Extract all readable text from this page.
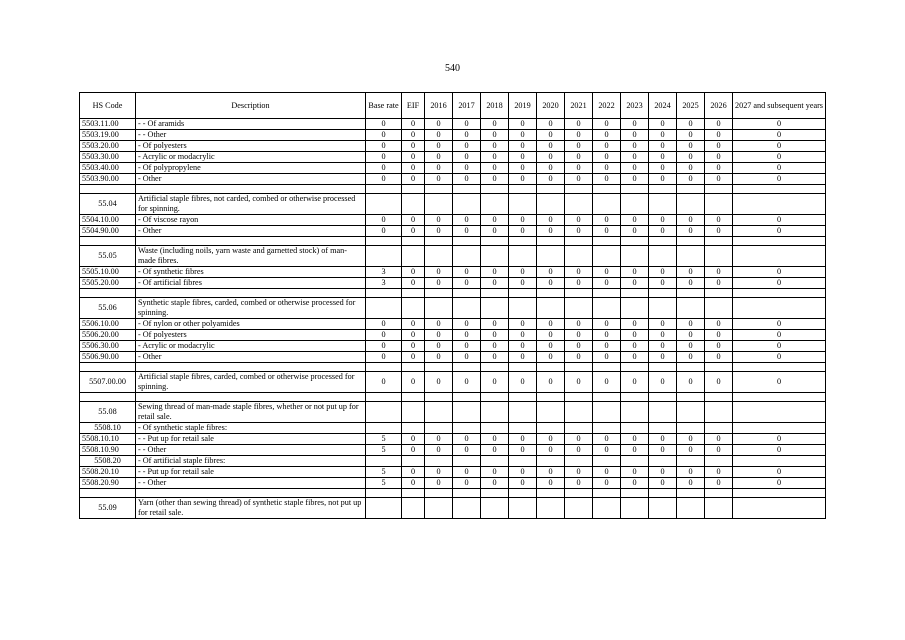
540
HS Code	Description	Base rate	EIF	2016	2017	2018	2019	2020	2021	2022	2023	2024	2025	2026	2027 and subsequent years
5503.11.00	- - Of aramids	0	0	0	0	0	0	0	0	0	0	0	0	0	0
5503.19.00	- - Other	0	0	0	0	0	0	0	0	0	0	0	0	0	0
5503.20.00	- Of polyesters	0	0	0	0	0	0	0	0	0	0	0	0	0	0
5503.30.00	- Acrylic or modacrylic	0	0	0	0	0	0	0	0	0	0	0	0	0	0
5503.40.00	- Of polypropylene	0	0	0	0	0	0	0	0	0	0	0	0	0	0
5503.90.00	- Other	0	0	0	0	0	0	0	0	0	0	0	0	0	0

55.04	Artificial staple fibres, not carded, combed or otherwise processed for spinning.														
5504.10.00	- Of viscose rayon	0	0	0	0	0	0	0	0	0	0	0	0	0	0
5504.90.00	- Other	0	0	0	0	0	0	0	0	0	0	0	0	0	0

55.05	Waste (including noils, yarn waste and garnetted stock) of man-made fibres.														
5505.10.00	- Of synthetic fibres	3	0	0	0	0	0	0	0	0	0	0	0	0	0
5505.20.00	- Of artificial fibres	3	0	0	0	0	0	0	0	0	0	0	0	0	0

55.06	Synthetic staple fibres, carded, combed or otherwise processed for spinning.														
5506.10.00	- Of nylon or other polyamides	0	0	0	0	0	0	0	0	0	0	0	0	0	0
5506.20.00	- Of polyesters	0	0	0	0	0	0	0	0	0	0	0	0	0	0
5506.30.00	- Acrylic or modacrylic	0	0	0	0	0	0	0	0	0	0	0	0	0	0
5506.90.00	- Other	0	0	0	0	0	0	0	0	0	0	0	0	0	0

5507.00.00	Artificial staple fibres, carded, combed or otherwise processed for spinning.	0	0	0	0	0	0	0	0	0	0	0	0	0	0

55.08	Sewing thread of man-made staple fibres, whether or not put up for retail sale.														
5508.10	- Of synthetic staple fibres:														
5508.10.10	- - Put up for retail sale	5	0	0	0	0	0	0	0	0	0	0	0	0	0
5508.10.90	- - Other	5	0	0	0	0	0	0	0	0	0	0	0	0	0
5508.20	- Of artificial staple fibres:														
5508.20.10	- - Put up for retail sale	5	0	0	0	0	0	0	0	0	0	0	0	0	0
5508.20.90	- - Other	5	0	0	0	0	0	0	0	0	0	0	0	0	0

55.09	Yarn (other than sewing thread) of synthetic staple fibres, not put up for retail sale.														
